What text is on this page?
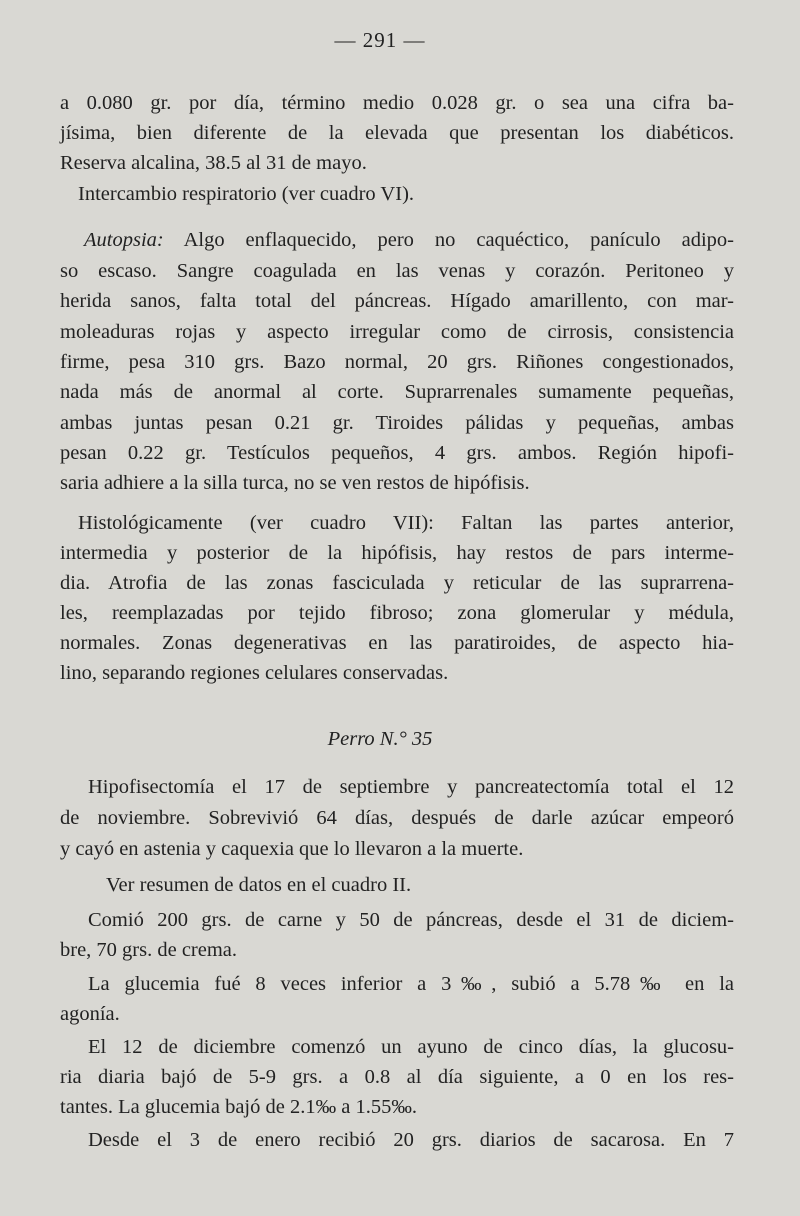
— 291 —
a 0.080 gr. por día, término medio 0.028 gr. o sea una cifra ba-
jísima, bien diferente de la elevada que presentan los diabéticos.
Reserva alcalina, 38.5 al 31 de mayo.
Intercambio respiratorio (ver cuadro VI).
Autopsia: Algo enflaquecido, pero no caquéctico, panículo adipo-
so escaso. Sangre coagulada en las venas y corazón. Peritoneo y
herida sanos, falta total del páncreas. Hígado amarillento, con mar-
moleaduras rojas y aspecto irregular como de cirrosis, consistencia
firme, pesa 310 grs. Bazo normal, 20 grs. Riñones congestionados,
nada más de anormal al corte. Suprarrenales sumamente pequeñas,
ambas juntas pesan 0.21 gr. Tiroides pálidas y pequeñas, ambas
pesan 0.22 gr. Testículos pequeños, 4 grs. ambos. Región hipofi-
saria adhiere a la silla turca, no se ven restos de hipófisis.
Histológicamente (ver cuadro VII): Faltan las partes anterior,
intermedia y posterior de la hipófisis, hay restos de pars interme-
dia. Atrofia de las zonas fasciculada y reticular de las suprarrena-
les, reemplazadas por tejido fibroso; zona glomerular y médula,
normales. Zonas degenerativas en las paratiroides, de aspecto hia-
lino, separando regiones celulares conservadas.
Perro N.° 35
Hipofisectomía el 17 de septiembre y pancreatectomía total el 12
de noviembre. Sobrevivió 64 días, después de darle azúcar empeoró
y cayó en astenia y caquexia que lo llevaron a la muerte.
Ver resumen de datos en el cuadro II.
Comió 200 grs. de carne y 50 de páncreas, desde el 31 de diciem-
bre, 70 grs. de crema.
La glucemia fué 8 veces inferior a 3‰, subió a 5.78‰ en la
agonía.
El 12 de diciembre comenzó un ayuno de cinco días, la glucosu-
ria diaria bajó de 5-9 grs. a 0.8 al día siguiente, a 0 en los res-
tantes. La glucemia bajó de 2.1‰ a 1.55‰.
Desde el 3 de enero recibió 20 grs. diarios de sacarosa. En 7
